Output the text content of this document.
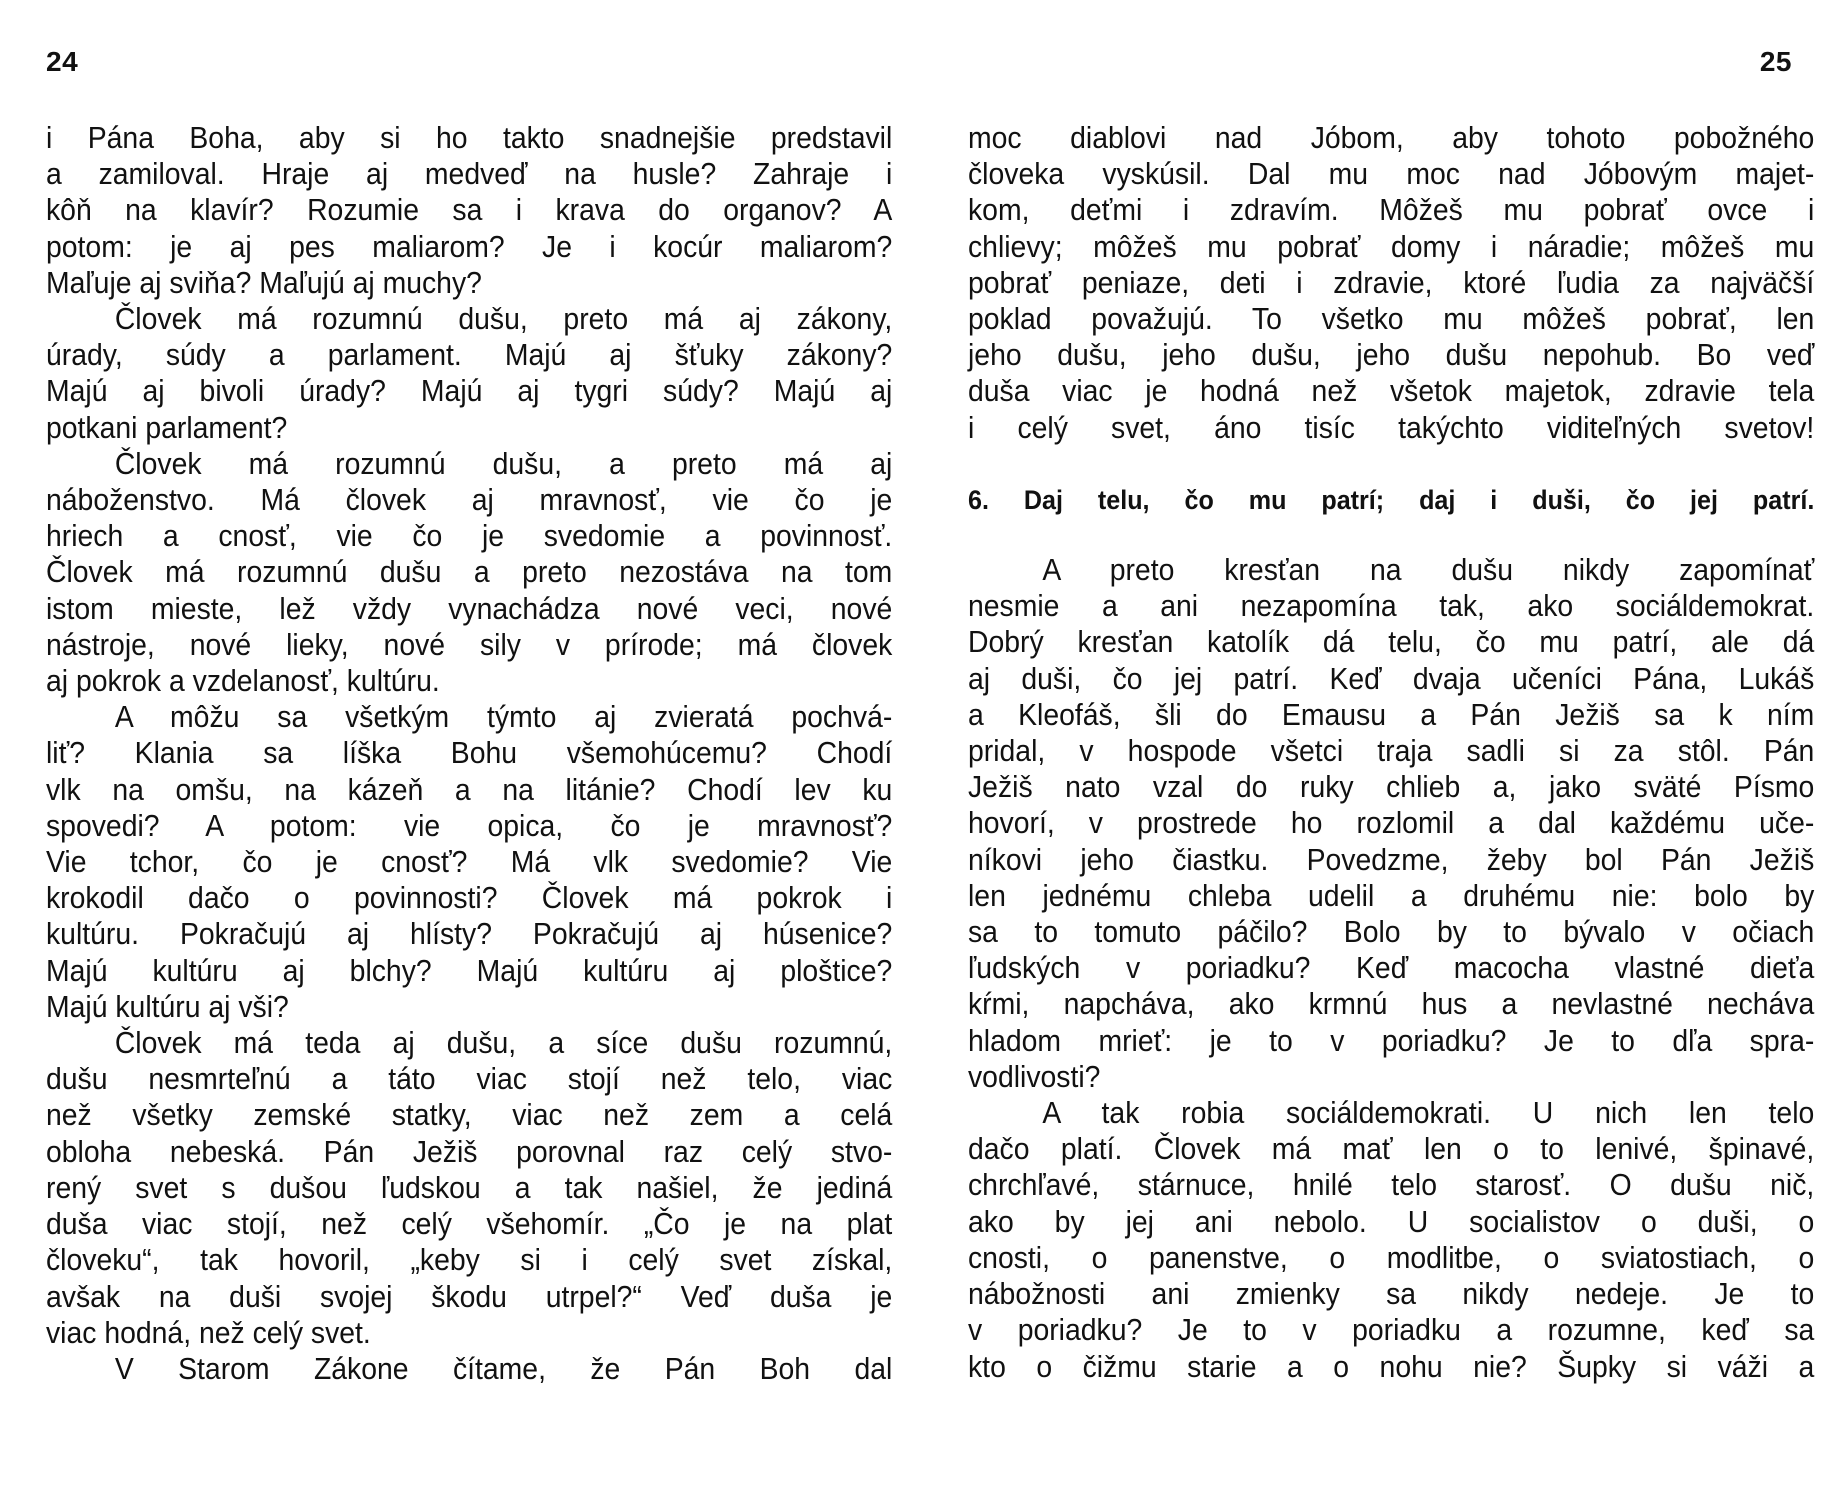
24
i Pána Boha, aby si ho takto snadnejšie predstavil
a zamiloval. Hraje aj medveď na husle? Zahraje i
kôň na klavír? Rozumie sa i krava do organov? A
potom: je aj pes maliarom? Je i kocúr maliarom?
Maľuje aj sviňa? Maľujú aj muchy?
Človek má rozumnú dušu, preto má aj zákony,
úrady, súdy a parlament. Majú aj šťuky zákony?
Majú aj bivoli úrady? Majú aj tygri súdy? Majú aj
potkani parlament?
Človek má rozumnú dušu, a preto má aj
náboženstvo. Má človek aj mravnosť, vie čo je
hriech a cnosť, vie čo je svedomie a povinnosť.
Človek má rozumnú dušu a preto nezostáva na tom
istom mieste, lež vždy vynachádza nové veci, nové
nástroje, nové lieky, nové sily v prírode; má človek
aj pokrok a vzdelanosť, kultúru.
A môžu sa všetkým týmto aj zvieratá pochvá-
liť? Klania sa líška Bohu všemohúcemu? Chodí
vlk na omšu, na kázeň a na litánie? Chodí lev ku
spovedi? A potom: vie opica, čo je mravnosť?
Vie tchor, čo je cnosť? Má vlk svedomie? Vie
krokodil dačo o povinnosti? Človek má pokrok i
kultúru. Pokračujú aj hlísty? Pokračujú aj húsenice?
Majú kultúru aj blchy? Majú kultúru aj ploštice?
Majú kultúru aj vši?
Človek má teda aj dušu, a síce dušu rozumnú,
dušu nesmrteľnú a táto viac stojí než telo, viac
než všetky zemské statky, viac než zem a celá
obloha nebeská. Pán Ježiš porovnal raz celý stvo-
rený svet s dušou ľudskou a tak našiel, že jediná
duša viac stojí, než celý všehomír. „Čo je na plat
človeku“, tak hovoril, „keby si i celý svet získal,
avšak na duši svojej škodu utrpel?“ Veď duša je
viac hodná, než celý svet.
V Starom Zákone čítame, že Pán Boh dal
25
moc diablovi nad Jóbom, aby tohoto pobožného
človeka vyskúsil. Dal mu moc nad Jóbovým majet-
kom, deťmi i zdravím. Môžeš mu pobrať ovce i
chlievy; môžeš mu pobrať domy i náradie; môžeš mu
pobrať peniaze, deti i zdravie, ktoré ľudia za najväčší
poklad považujú. To všetko mu môžeš pobrať, len
jeho dušu, jeho dušu, jeho dušu nepohub. Bo veď
duša viac je hodná než všetok majetok, zdravie tela
i celý svet, áno tisíc takýchto viditeľných svetov!
6. Daj telu, čo mu patrí; daj i duši, čo jej patrí.
A preto kresťan na dušu nikdy zapomínať
nesmie a ani nezapomína tak, ako sociáldemokrat.
Dobrý kresťan katolík dá telu, čo mu patrí, ale dá
aj duši, čo jej patrí. Keď dvaja učeníci Pána, Lukáš
a Kleofáš, šli do Emausu a Pán Ježiš sa k ním
pridal, v hospode všetci traja sadli si za stôl. Pán
Ježiš nato vzal do ruky chlieb a, jako sväté Písmo
hovorí, v prostrede ho rozlomil a dal každému uče-
níkovi jeho čiastku. Povedzme, žeby bol Pán Ježiš
len jednému chleba udelil a druhému nie: bolo by
sa to tomuto páčilo? Bolo by to bývalo v očiach
ľudských v poriadku? Keď macocha vlastné dieťa
kŕmi, napcháva, ako krmnú hus a nevlastné necháva
hladom mrieť: je to v poriadku? Je to dľa spra-
vodlivosti?
A tak robia sociáldemokrati. U nich len telo
dačo platí. Človek má mať len o to lenivé, špinavé,
chrchľavé, stárnuce, hnilé telo starosť. O dušu nič,
ako by jej ani nebolo. U socialistov o duši, o
cnosti, o panenstve, o modlitbe, o sviatostiach, o
nábožnosti ani zmienky sa nikdy nedeje. Je to
v poriadku? Je to v poriadku a rozumne, keď sa
kto o čižmu starie a o nohu nie? Šupky si váži a
